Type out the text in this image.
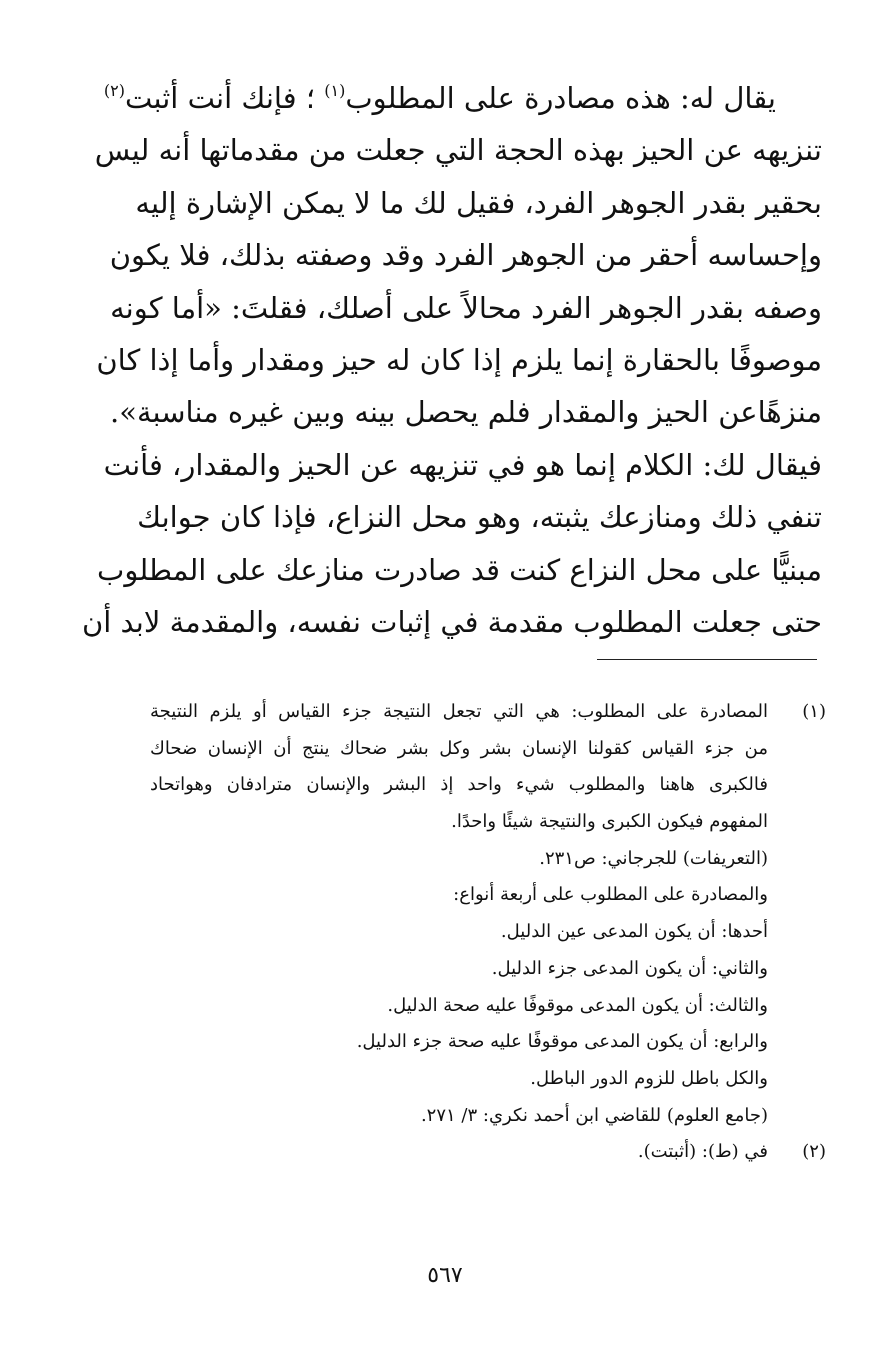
يقال له: هذه مصادرة على المطلوب$^{(١)}$ ؛ فإنك أنت أثبت$^{(٢)}$
تنزيهه عن الحيز بهذه الحجة التي جعلت من مقدماتها أنه ليس
بحقير بقدر الجوهر الفرد، فقيل لك ما لا يمكن الإشارة إليه
وإحساسه أحقر من الجوهر الفرد وقد وصفته بذلك، فلا يكون
وصفه بقدر الجوهر الفرد محالاً على أصلك، فقلتَ: «أما كونه
موصوفًا بالحقارة إنما يلزم إذا كان له حيز ومقدار وأما إذا كان
منزهًاعن الحيز والمقدار فلم يحصل بينه وبين غيره مناسبة».
فيقال لك: الكلام إنما هو في تنزيهه عن الحيز والمقدار، فأنت
تنفي ذلك ومنازعك يثبته، وهو محل النزاع، فإذا كان جوابك
مبنيًّا على محل النزاع كنت قد صادرت منازعك على المطلوب
حتى جعلت المطلوب مقدمة في إثبات نفسه، والمقدمة لابد أن
(١)
المصادرة على المطلوب: هي التي تجعل النتيجة جزء القياس أو يلزم النتيجة
من جزء القياس كقولنا الإنسان بشر وكل بشر ضحاك ينتج أن الإنسان ضحاك
فالكبرى هاهنا والمطلوب شيء واحد إذ البشر والإنسان مترادفان وهواتحاد
المفهوم فيكون الكبرى والنتيجة شيئًا واحدًا.
(التعريفات) للجرجاني: ص٢٣١.
والمصادرة على المطلوب على أربعة أنواع:
أحدها: أن يكون المدعى عين الدليل.
والثاني: أن يكون المدعى جزء الدليل.
والثالث: أن يكون المدعى موقوفًا عليه صحة الدليل.
والرابع: أن يكون المدعى موقوفًا عليه صحة جزء الدليل.
والكل باطل للزوم الدور الباطل.
(جامع العلوم) للقاضي ابن أحمد نكري: ٣/ ٢٧١.
(٢)
في (ط): (أثبتت).
٥٦٧
